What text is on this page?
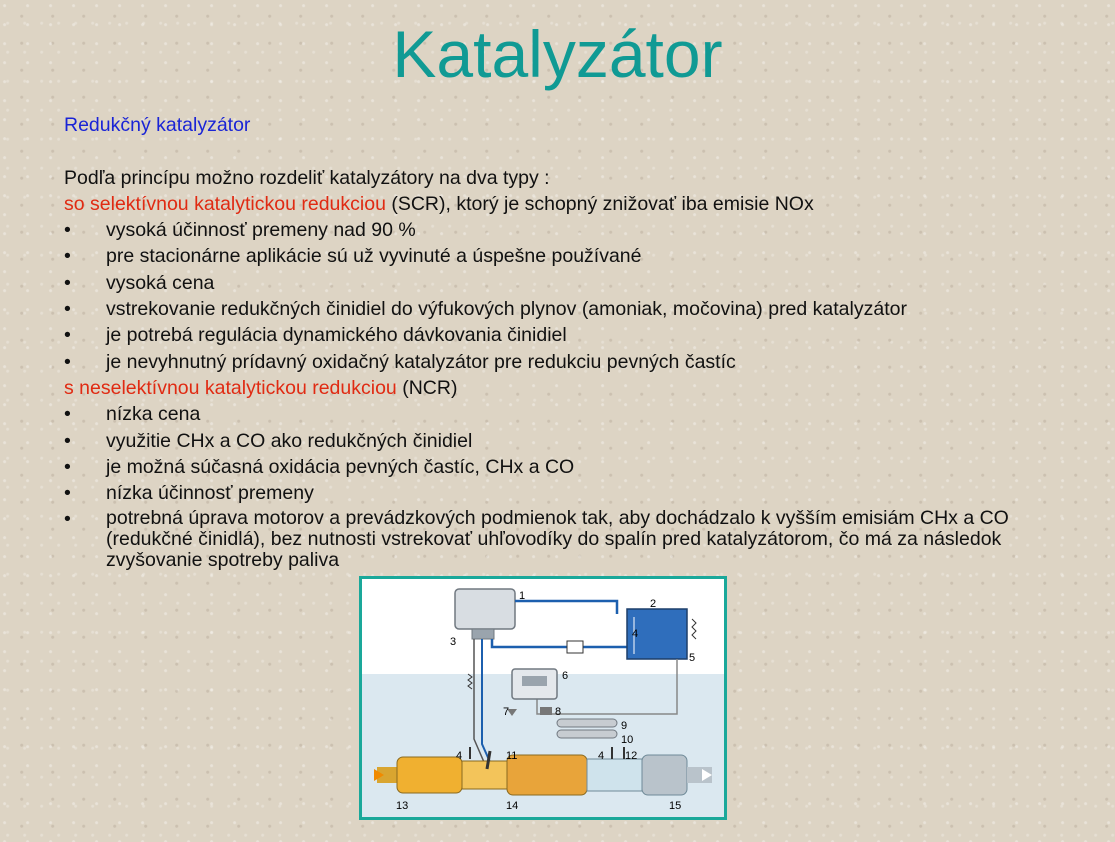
Katalyzátor
Redukčný katalyzátor
Podľa princípu možno rozdeliť katalyzátory na dva typy :
so selektívnou katalytickou redukciou (SCR), ktorý je schopný znižovať iba emisie NOx
• vysoká účinnosť premeny nad 90 %
• pre stacionárne aplikácie sú už vyvinuté a úspešne používané
• vysoká cena
• vstrekovanie redukčných činidiel do výfukových plynov (amoniak, močovina) pred katalyzátor
• je potrebá regulácia dynamického dávkovania činidiel
• je nevyhnutný prídavný oxidačný katalyzátor pre redukciu pevných častíc
s neselektívnou katalytickou redukciou (NCR)
• nízka cena
• využitie CHx a CO ako redukčných činidiel
• je možná súčasná oxidácia pevných častíc, CHx a CO
• nízka účinnosť premeny
• potrebná úprava motorov a prevádzkových podmienok tak, aby dochádzalo k vyšším emisiám CHx a CO (redukčné činidlá), bez nutnosti vstrekovať uhľovodíky do spalín pred katalyzátorom, čo má za následok zvyšovanie spotreby paliva
1
2
3
4
5
6
7	8
9
10
4	11	4 12
13	14	15
